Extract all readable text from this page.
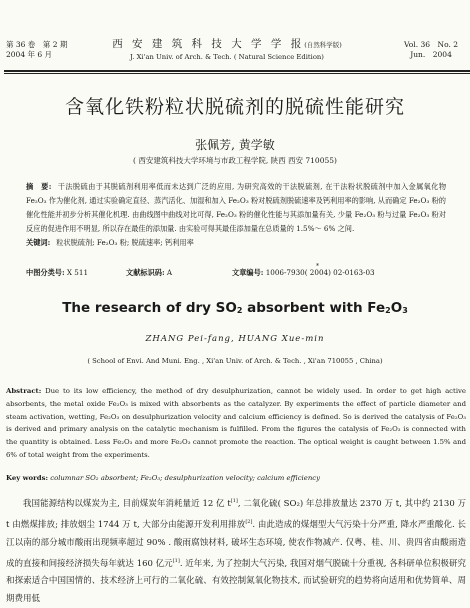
第 36 卷　第 2 期
2004 年 6 月
西 安 建 筑 科 技 大 学 学 报(自然科学版)
J. Xi'an Univ. of Arch. & Tech. ( Natural Science Edition)
Vol. 36　No. 2
Jun.　2004
含氧化铁粉粒状脱硫剂的脱硫性能研究
张佩芳, 黄学敏
( 西安建筑科技大学环境与市政工程学院, 陕西 西安 710055)
摘　要: 干法脱硫由于其脱硫剂利用率低而未达到广泛的应用, 为研究高效的干法脱硫剂, 在干法粉状脱硫剂中加入金属氧化物 Fe₂O₃ 作为催化剂, 通过实验确定直径、蒸汽活化、加湿和加入 Fe₂O₃ 粉对脱硫剂脱硫速率及钙利用率的影响, 从而确定 Fe₂O₃ 粉的催化性能并初步分析其催化机理. 由曲线图中曲线对比可得, Fe₂O₃ 粉的催化性能与其添加量有关, 少量 Fe₂O₃ 粉与过量 Fe₂O₃ 粉对反应的促进作用不明显, 所以存在最佳的添加量. 由实验可得其最佳添加量在总质量的 1.5%～ 6% 之间.
关键词: 粒状脱硫剂; Fe₂O₃ 粉; 脱硫速率; 钙利用率
中图分类号: X 511	文献标识码: A	文章编号: 1006-7930( 2004) 02-0163-03
*
The research of dry $SO_2$ absorbent with $Fe_2O_3$
ZHANG Pei-fang, HUANG Xue-min
( School of Envi. And Muni. Eng. , Xi'an Univ. of Arch. & Tech. , Xi'an 710055 , China)
Abstract: Due to its low efficiency, the method of dry desulphurization, cannot be widely used. In order to get high active absorbents, the metal oxide Fe₂O₃ is mixed with absorbents as the catalyzer. By experiments the effect of particle diameter and steam activation, wetting, Fe₂O₃ on desulphurization velocity and calcium efficiency is defined. So is derived the catalysis of Fe₂O₃ is derived and primary analysis on the catalytic mechanism is fulfilled. From the figures the catalysis of Fe₂O₃ is connected with the quantity is obtained. Less Fe₂O₃ and more Fe₂O₃ cannot promote the reaction. The optical weight is caught between 1.5% and 6% of total weight from the experiments.
Key words: columnar SO₂ absorbent; Fe₂O₃; desulphurization velocity; calcium efficiency

我国能源结构以煤炭为主, 目前煤炭年消耗量近 12 亿 t[1], 二氧化硫( SO₂) 年总排放量达 2370 万 t, 其中约 2130 万 t 由燃煤排放; 排放烟尘 1744 万 t, 大部分由能源开发利用排放[2]. 由此造成的煤烟型大气污染十分严重, 降水严重酸化. 长江以南的部分城市酸雨出现频率超过 90% . 酸雨腐蚀材料, 破坏生态环境, 使农作物减产. 仅粤、桂、川、贵四省由酸雨造成的直接和间接经济损失每年就达 160 亿元[1]. 近年来, 为了控制大气污染, 我国对烟气脱硫十分重视, 各科研单位积极研究和探索适合中国国情的、技术经济上可行的二氧化硫、有效控制氮氧化物技术, 而试验研究的趋势将向适用和优势简单、周期费用低
